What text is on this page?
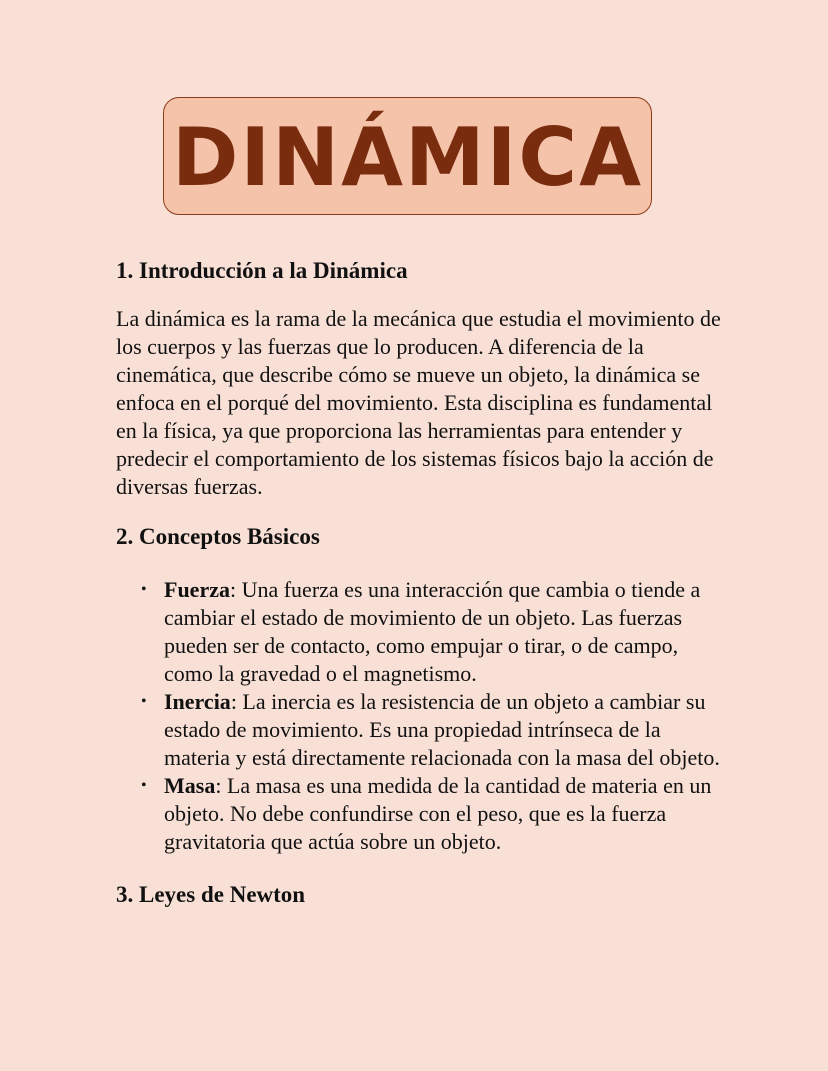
DINÁMICA
1. Introducción a la Dinámica

La dinámica es la rama de la mecánica que estudia el movimiento de los cuerpos y las fuerzas que lo producen. A diferencia de la cinemática, que describe cómo se mueve un objeto, la dinámica se enfoca en el porqué del movimiento. Esta disciplina es fundamental en la física, ya que proporciona las herramientas para entender y predecir el comportamiento de los sistemas físicos bajo la acción de diversas fuerzas.

2. Conceptos Básicos
• Fuerza: Una fuerza es una interacción que cambia o tiende a cambiar el estado de movimiento de un objeto. Las fuerzas pueden ser de contacto, como empujar o tirar, o de campo, como la gravedad o el magnetismo.
• Inercia: La inercia es la resistencia de un objeto a cambiar su estado de movimiento. Es una propiedad intrínseca de la materia y está directamente relacionada con la masa del objeto.
• Masa: La masa es una medida de la cantidad de materia en un objeto. No debe confundirse con el peso, que es la fuerza gravitatoria que actúa sobre un objeto.
3. Leyes de Newton
